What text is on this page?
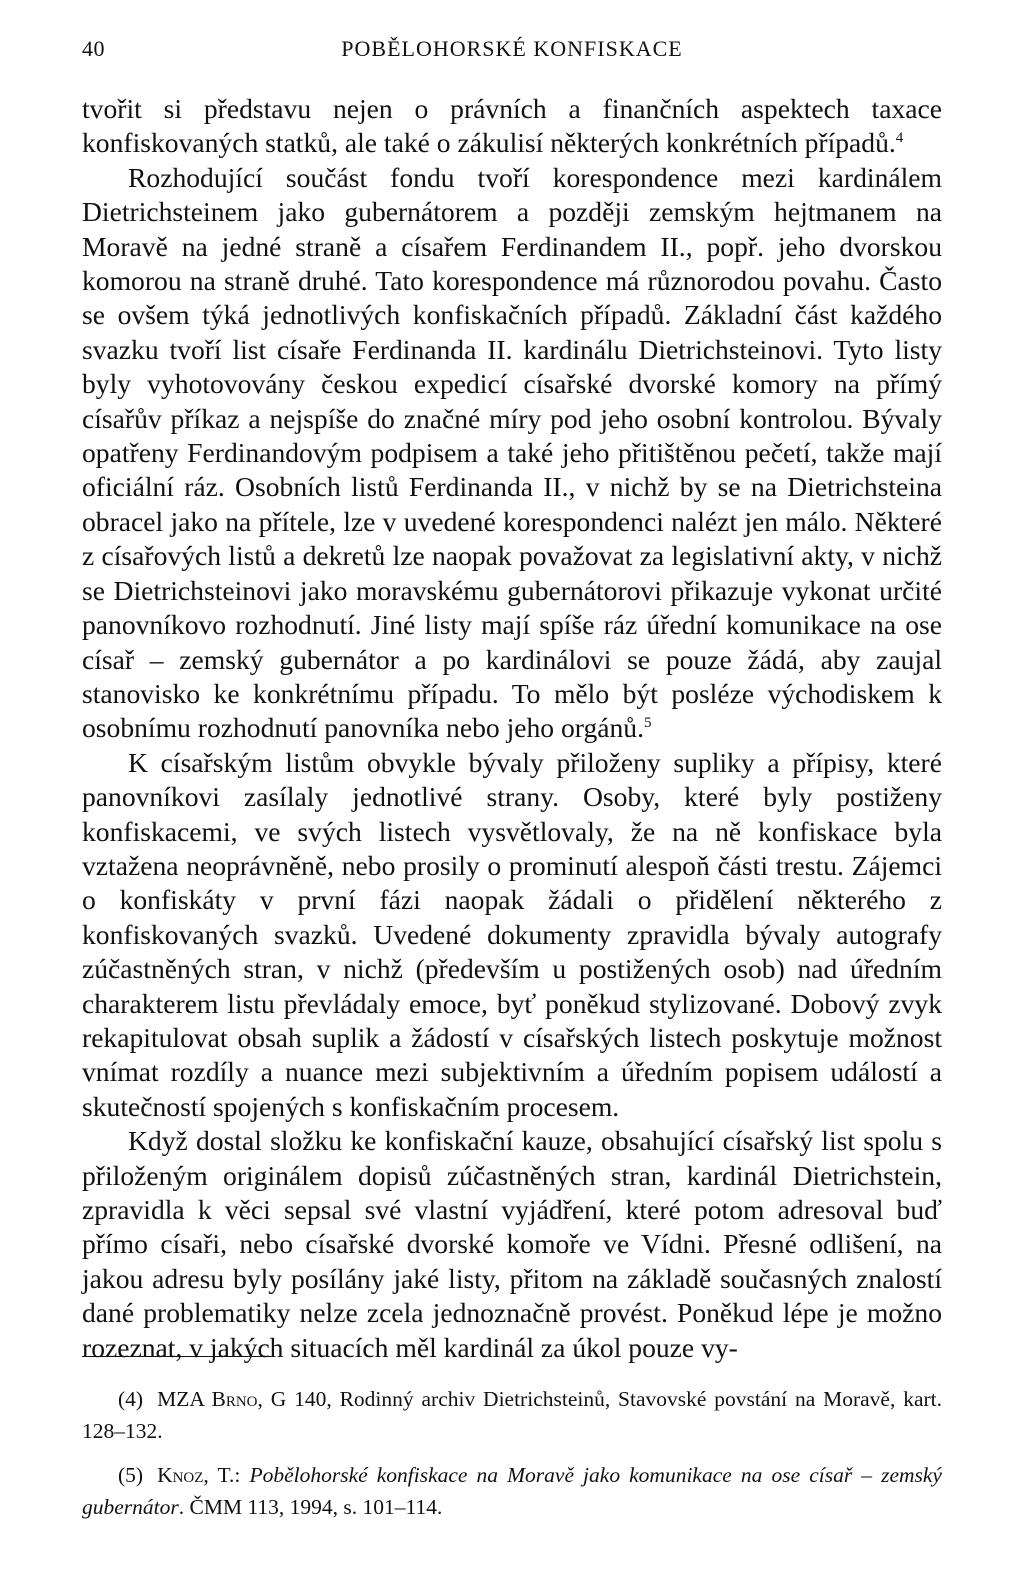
40	POBĚLOHORSKÉ KONFISKACE

tvořit si představu nejen o právních a finančních aspektech taxace konfiskovaných statků, ale také o zákulisí některých konkrétních případů.$^4$

Rozhodující součást fondu tvoří korespondence mezi kardinálem Dietrichsteinem jako gubernátorem a později zemským hejtmanem na Moravě na jedné straně a císařem Ferdinandem II., popř. jeho dvorskou komorou na straně druhé. Tato korespondence má různorodou povahu. Často se ovšem týká jednotlivých konfiskačních případů. Základní část každého svazku tvoří list císaře Ferdinanda II. kardinálu Dietrichsteinovi. Tyto listy byly vyhotovovány českou expedicí císařské dvorské komory na přímý císařův příkaz a nejspíše do značné míry pod jeho osobní kontrolou. Bývaly opatřeny Ferdinandovým podpisem a také jeho přitištěnou pečetí, takže mají oficiální ráz. Osobních listů Ferdinanda II., v nichž by se na Dietrichsteina obracel jako na přítele, lze v uvedené korespondenci nalézt jen málo. Některé z císařových listů a dekretů lze naopak považovat za legislativní akty, v nichž se Dietrichsteinovi jako moravskému gubernátorovi přikazuje vykonat určité panovníkovo rozhodnutí. Jiné listy mají spíše ráz úřední komunikace na ose císař – zemský gubernátor a po kardinálovi se pouze žádá, aby zaujal stanovisko ke konkrétnímu případu. To mělo být posléze východiskem k osobnímu rozhodnutí panovníka nebo jeho orgánů.$^5$

K císařským listům obvykle bývaly přiloženy supliky a přípisy, které panovníkovi zasílaly jednotlivé strany. Osoby, které byly postiženy konfiskacemi, ve svých listech vysvětlovaly, že na ně konfiskace byla vztažena neoprávněně, nebo prosily o prominutí alespoň části trestu. Zájemci o konfiskáty v první fázi naopak žádali o přidělení některého z konfiskovaných svazků. Uvedené dokumenty zpravidla bývaly autografy zúčastněných stran, v nichž (především u postižených osob) nad úředním charakterem listu převládaly emoce, byť poněkud stylizované. Dobový zvyk rekapitulovat obsah suplik a žádostí v císařských listech poskytuje možnost vnímat rozdíly a nuance mezi subjektivním a úředním popisem událostí a skutečností spojených s konfiskačním procesem.

Když dostal složku ke konfiskační kauze, obsahující císařský list spolu s přiloženým originálem dopisů zúčastněných stran, kardinál Dietrichstein, zpravidla k věci sepsal své vlastní vyjádření, které potom adresoval buď přímo císaři, nebo císařské dvorské komoře ve Vídni. Přesné odlišení, na jakou adresu byly posílány jaké listy, přitom na základě současných znalostí dané problematiky nelze zcela jednoznačně provést. Poněkud lépe je možno rozeznat, v jakých situacích měl kardinál za úkol pouze vy-

(4) MZA Brno, G 140, Rodinný archiv Dietrichsteinů, Stavovské povstání na Moravě, kart. 128–132.

(5) Knoz, T.: Pobělohorské konfiskace na Moravě jako komunikace na ose císař – zemský gubernátor. ČMM 113, 1994, s. 101–114.
